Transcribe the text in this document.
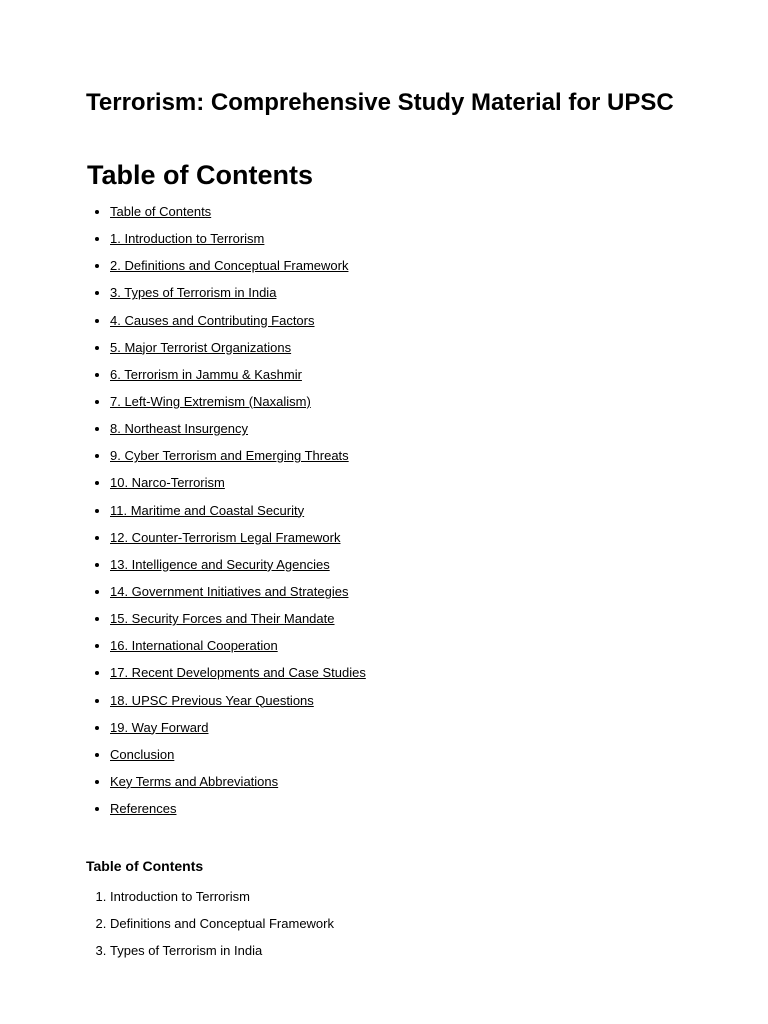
Terrorism: Comprehensive Study Material for UPSC
Table of Contents
• Table of Contents
• 1. Introduction to Terrorism
• 2. Definitions and Conceptual Framework
• 3. Types of Terrorism in India
• 4. Causes and Contributing Factors
• 5. Major Terrorist Organizations
• 6. Terrorism in Jammu & Kashmir
• 7. Left-Wing Extremism (Naxalism)
• 8. Northeast Insurgency
• 9. Cyber Terrorism and Emerging Threats
• 10. Narco-Terrorism
• 11. Maritime and Coastal Security
• 12. Counter-Terrorism Legal Framework
• 13. Intelligence and Security Agencies
• 14. Government Initiatives and Strategies
• 15. Security Forces and Their Mandate
• 16. International Cooperation
• 17. Recent Developments and Case Studies
• 18. UPSC Previous Year Questions
• 19. Way Forward
• Conclusion
• Key Terms and Abbreviations
• References
Table of Contents
1. Introduction to Terrorism
2. Definitions and Conceptual Framework
3. Types of Terrorism in India
